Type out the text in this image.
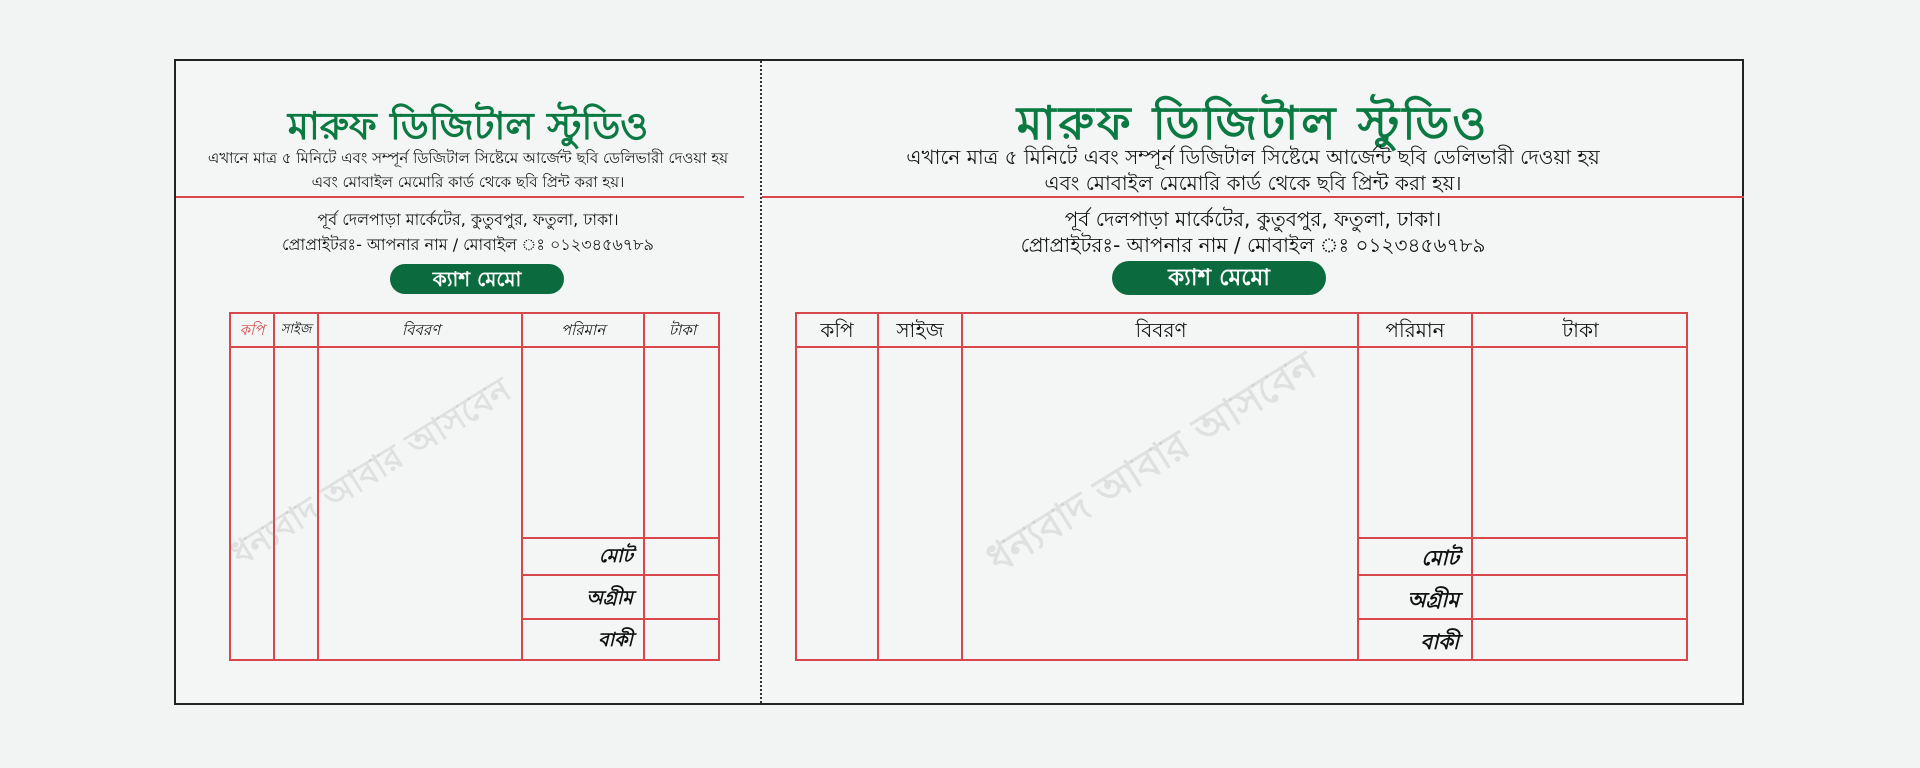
মারুফ ডিজিটাল স্টুডিও
এখানে মাত্র ৫ মিনিটে এবং সম্পূর্ন ডিজিটাল সিষ্টেমে আর্জেন্ট ছবি ডেলিভারী দেওয়া হয়
এবং মোবাইল মেমোরি কার্ড থেকে ছবি প্রিন্ট করা হয়।
পূর্ব দেলপাড়া মার্কেটের, কুতুবপুর, ফতুলা, ঢাকা।
প্রোপ্রাইটরঃ- আপনার নাম / মোবাইল ঃ ০১২৩৪৫৬৭৮৯
ক্যাশ মেমো
কপি	সাইজ	বিবরণ	পরিমান	টাকা
মোট
অগ্রীম
বাকী
ধন্যবাদ আবার আসবেন
মারুফ ডিজিটাল স্টুডিও
এখানে মাত্র ৫ মিনিটে এবং সম্পূর্ন ডিজিটাল সিষ্টেমে আর্জেন্ট ছবি ডেলিভারী দেওয়া হয়
এবং মোবাইল মেমোরি কার্ড থেকে ছবি প্রিন্ট করা হয়।
পূর্ব দেলপাড়া মার্কেটের, কুতুবপুর, ফতুলা, ঢাকা।
প্রোপ্রাইটরঃ- আপনার নাম / মোবাইল ঃ ০১২৩৪৫৬৭৮৯
ক্যাশ মেমো
কপি	সাইজ	বিবরণ	পরিমান	টাকা
মোট
অগ্রীম
বাকী
ধন্যবাদ আবার আসবেন
